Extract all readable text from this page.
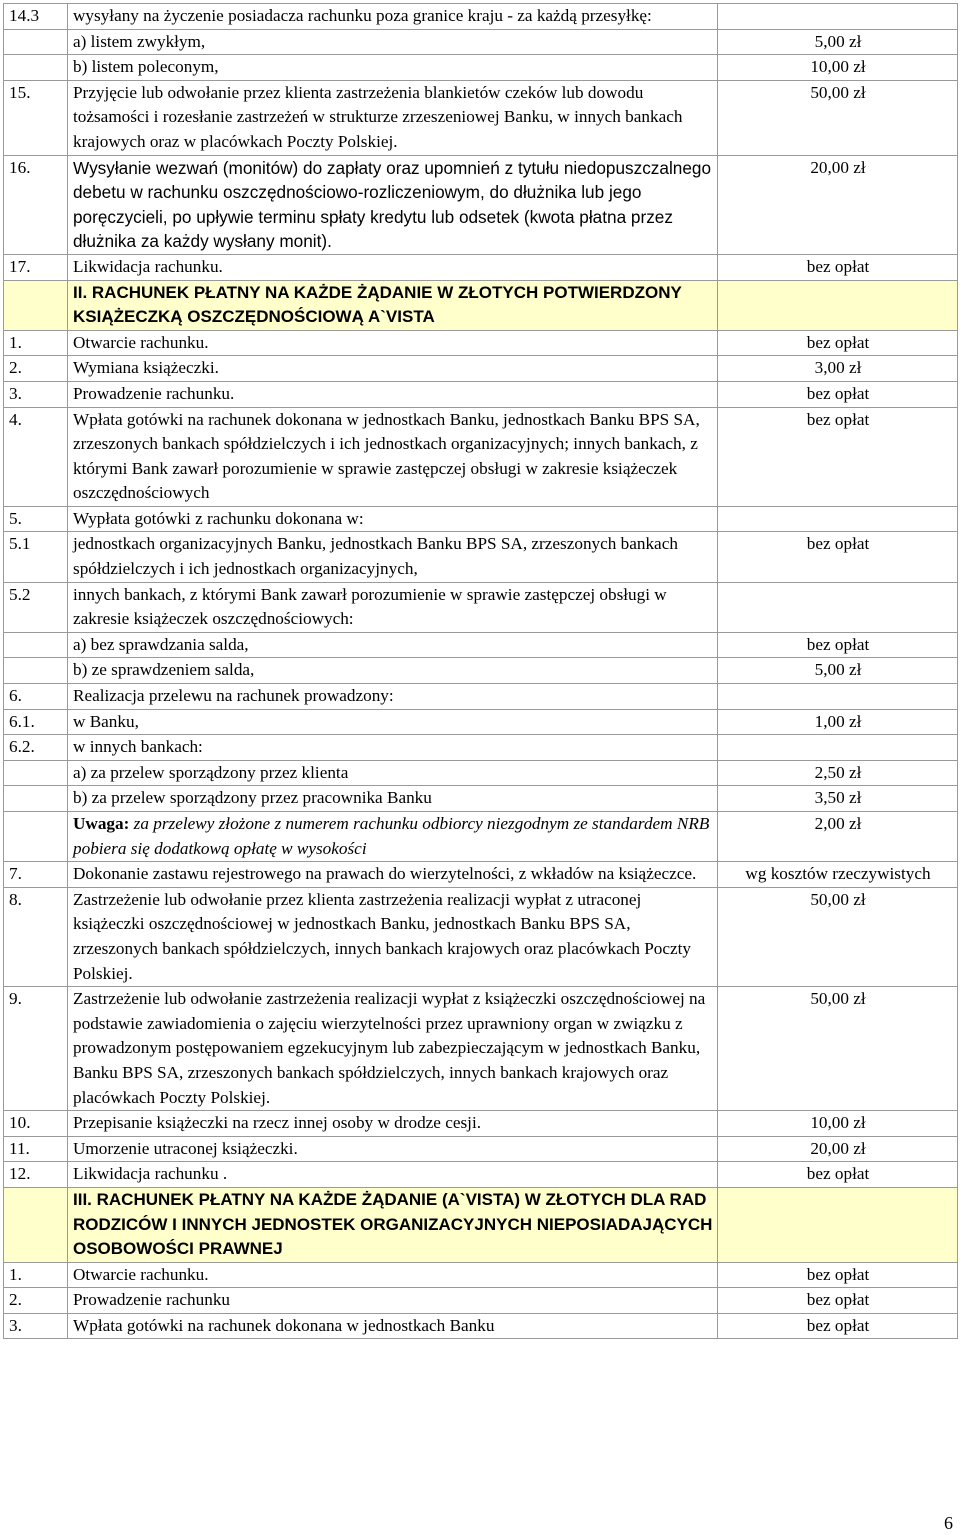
14.3	wysyłany na życzenie posiadacza rachunku poza granice kraju - za każdą przesyłkę:	
	a) listem zwykłym,	5,00 zł
	b) listem poleconym,	10,00 zł
15.	Przyjęcie lub odwołanie przez klienta zastrzeżenia blankietów czeków lub dowodu tożsamości i rozesłanie zastrzeżeń w strukturze zrzeszeniowej Banku, w innych bankach krajowych oraz w placówkach Poczty Polskiej.	50,00 zł
16.	Wysyłanie wezwań (monitów) do zapłaty oraz upomnień z tytułu niedopuszczalnego debetu w rachunku oszczędnościowo-rozliczeniowym, do dłużnika lub jego poręczycieli, po upływie terminu spłaty kredytu lub odsetek (kwota płatna przez dłużnika za każdy wysłany monit).	20,00 zł
17.	Likwidacja rachunku.	bez opłat
	II. RACHUNEK PŁATNY NA KAŻDE ŻĄDANIE W ZŁOTYCH POTWIERDZONY KSIĄŻECZKĄ OSZCZĘDNOŚCIOWĄ A`VISTA	
1.	Otwarcie rachunku.	bez opłat
2.	Wymiana książeczki.	3,00 zł
3.	Prowadzenie rachunku.	bez opłat
4.	Wpłata gotówki na rachunek dokonana w jednostkach Banku, jednostkach Banku BPS SA, zrzeszonych bankach spółdzielczych i ich jednostkach organizacyjnych; innych bankach, z którymi Bank zawarł porozumienie w sprawie zastępczej obsługi w zakresie książeczek oszczędnościowych	bez opłat
5.	Wypłata gotówki z rachunku dokonana w:	
5.1	jednostkach organizacyjnych Banku, jednostkach Banku BPS SA, zrzeszonych bankach spółdzielczych i ich jednostkach organizacyjnych,	bez opłat
5.2	innych bankach, z którymi Bank zawarł porozumienie w sprawie zastępczej obsługi w zakresie książeczek oszczędnościowych:	
	a) bez sprawdzania salda,	bez opłat
	b) ze sprawdzeniem salda,	5,00 zł
6.	Realizacja przelewu na rachunek prowadzony:	
6.1.	w Banku,	1,00 zł
6.2.	w innych bankach:	
	a) za przelew sporządzony przez klienta	2,50 zł
	b) za przelew sporządzony przez pracownika Banku	3,50 zł
	Uwaga: za przelewy złożone z numerem rachunku odbiorcy niezgodnym ze standardem NRB pobiera się dodatkową opłatę w wysokości	2,00 zł
7.	Dokonanie zastawu rejestrowego na prawach do wierzytelności, z wkładów na książeczce.	wg kosztów rzeczywistych
8.	Zastrzeżenie lub odwołanie przez klienta zastrzeżenia realizacji wypłat z utraconej książeczki oszczędnościowej w jednostkach Banku, jednostkach Banku BPS SA, zrzeszonych bankach spółdzielczych, innych bankach krajowych oraz placówkach Poczty Polskiej.	50,00 zł
9.	Zastrzeżenie lub odwołanie zastrzeżenia realizacji wypłat z książeczki oszczędnościowej na podstawie zawiadomienia o zajęciu wierzytelności przez uprawniony organ w związku z prowadzonym postępowaniem egzekucyjnym lub zabezpieczającym w jednostkach Banku, Banku BPS SA, zrzeszonych bankach spółdzielczych, innych bankach krajowych oraz placówkach Poczty Polskiej.	50,00 zł
10.	Przepisanie książeczki na rzecz innej osoby w drodze cesji.	10,00 zł
11.	Umorzenie utraconej książeczki.	20,00 zł
12.	Likwidacja rachunku .	bez opłat
	III. RACHUNEK PŁATNY NA KAŻDE ŻĄDANIE (A`VISTA) W ZŁOTYCH DLA RAD RODZICÓW I INNYCH JEDNOSTEK ORGANIZACYJNYCH NIEPOSIADAJĄCYCH OSOBOWOŚCI PRAWNEJ	
1.	Otwarcie rachunku.	bez opłat
2.	Prowadzenie rachunku	bez opłat
3.	Wpłata gotówki na rachunek dokonana w jednostkach Banku	bez opłat
6
